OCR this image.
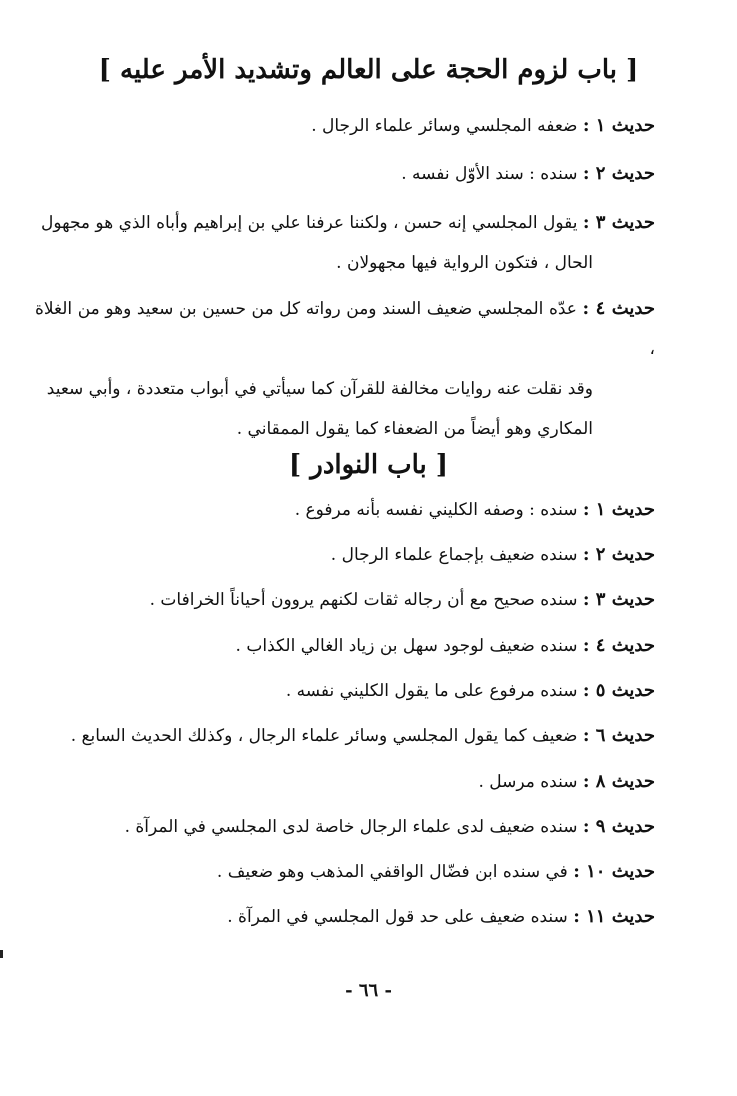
[ باب لزوم الحجة على العالم وتشديد الأمر عليه ]
حديث ١ : ضعفه المجلسي وسائر علماء الرجال .
حديث ٢ : سنده : سند الأوّل نفسه .
حديث ٣ : يقول المجلسي إنه حسن ، ولكننا عرفنا علي بن إبراهيم وأباه الذي هو مجهول
الحال ، فتكون الرواية فيها مجهولان .
حديث ٤ : عدّه المجلسي ضعيف السند ومن رواته كل من حسين بن سعيد وهو من الغلاة ،
وقد نقلت عنه روايات مخالفة للقرآن كما سيأتي في أبواب متعددة ، وأبي سعيد
المكاري وهو أيضاً من الضعفاء كما يقول الممقاني .
[ باب النوادر ]
حديث ١ : سنده : وصفه الكليني نفسه بأنه مرفوع .
حديث ٢ : سنده ضعيف بإجماع علماء الرجال .
حديث ٣ : سنده صحيح مع أن رجاله ثقات لكنهم يروون أحياناً الخرافات .
حديث ٤ : سنده ضعيف لوجود سهل بن زياد الغالي الكذاب .
حديث ٥ : سنده مرفوع على ما يقول الكليني نفسه .
حديث ٦ : ضعيف كما يقول المجلسي وسائر علماء الرجال ، وكذلك الحديث السابع .
حديث ٨ : سنده مرسل .
حديث ٩ : سنده ضعيف لدى علماء الرجال خاصة لدى المجلسي في المرآة .
حديث ١٠ : في سنده ابن فضّال الواقفي المذهب وهو ضعيف .
حديث ١١ : سنده ضعيف على حد قول المجلسي في المرآة .
- ٦٦ -
